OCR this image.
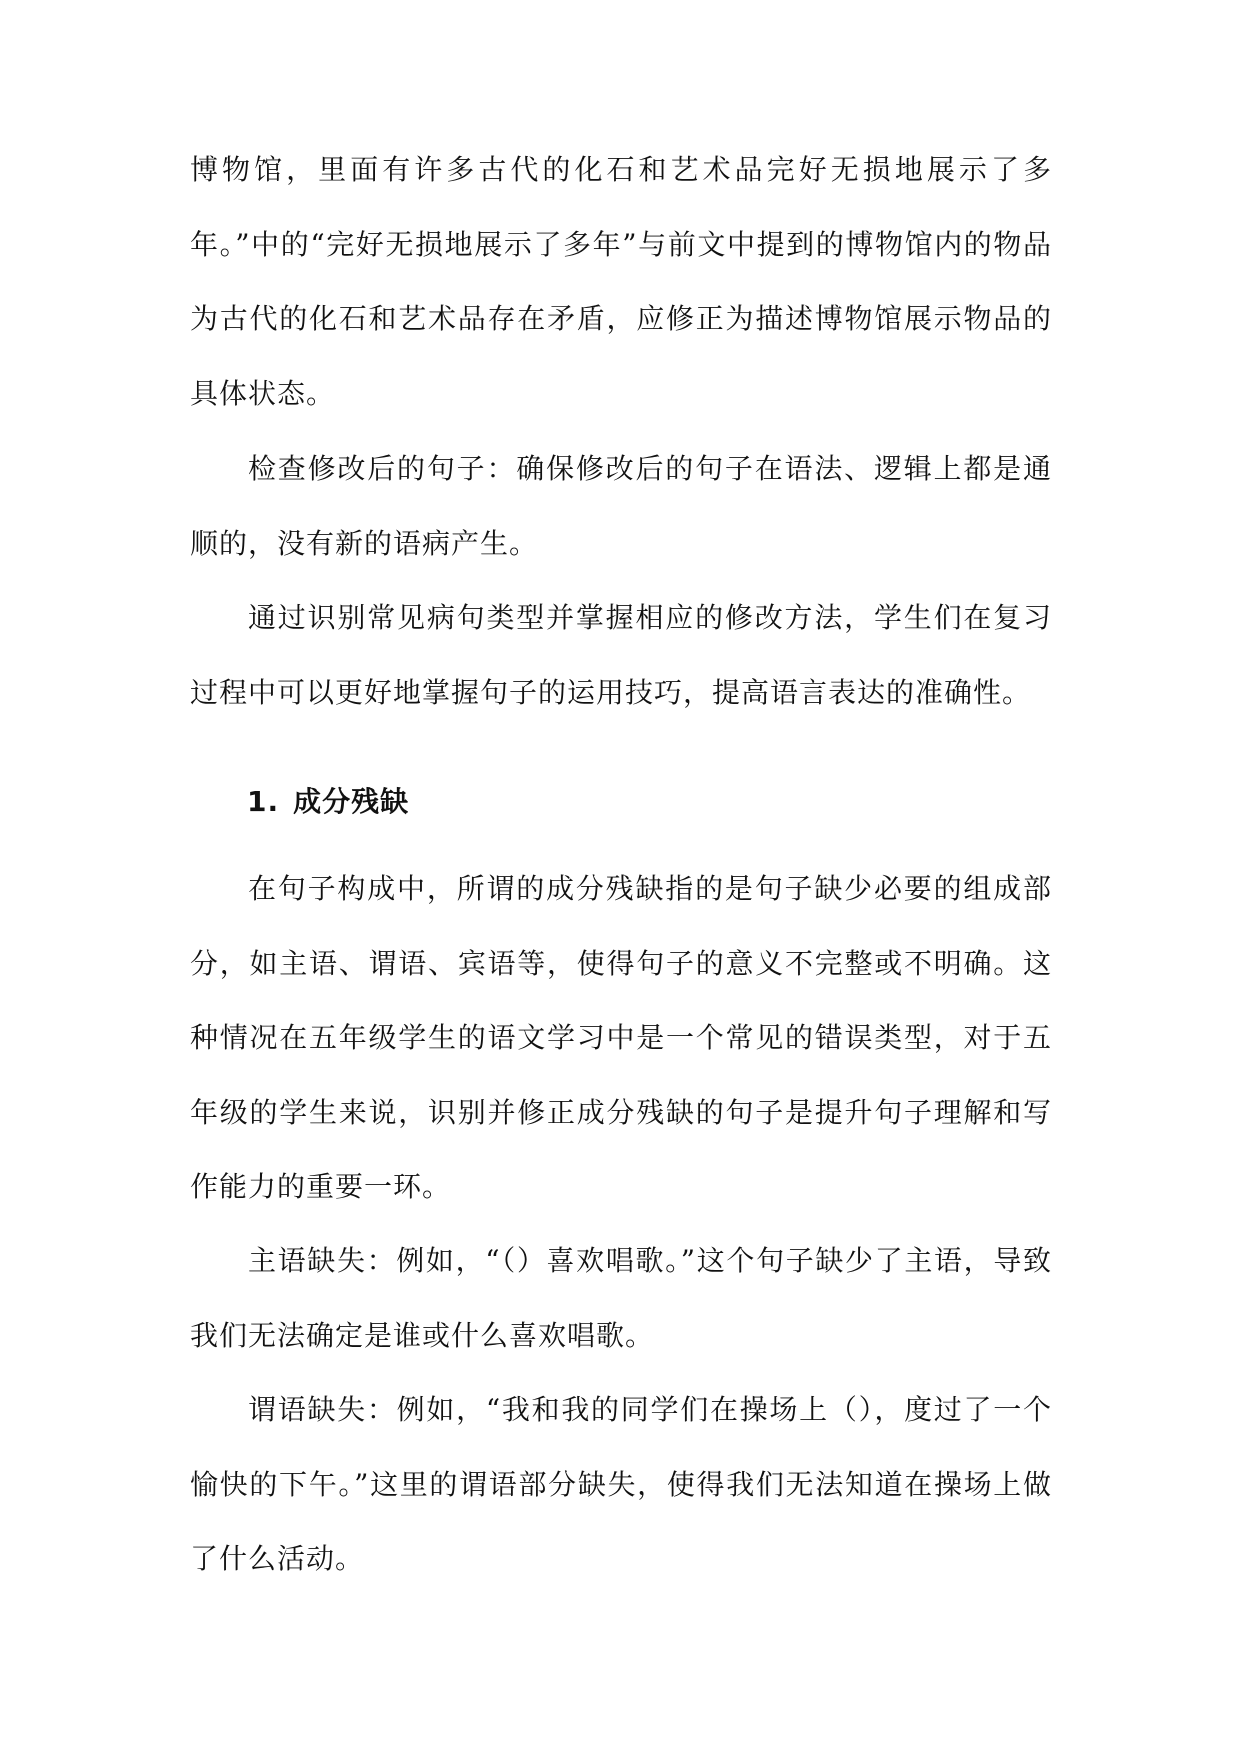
博物馆，里面有许多古代的化石和艺术品完好无损地展示了多年。”中的“完好无损地展示了多年”与前文中提到的博物馆内的物品为古代的化石和艺术品存在矛盾，应修正为描述博物馆展示物品的具体状态。

检查修改后的句子：确保修改后的句子在语法、逻辑上都是通顺的，没有新的语病产生。

通过识别常见病句类型并掌握相应的修改方法，学生们在复习过程中可以更好地掌握句子的运用技巧，提高语言表达的准确性。

1. 成分残缺

在句子构成中，所谓的成分残缺指的是句子缺少必要的组成部分，如主语、谓语、宾语等，使得句子的意义不完整或不明确。这种情况在五年级学生的语文学习中是一个常见的错误类型，对于五年级的学生来说，识别并修正成分残缺的句子是提升句子理解和写作能力的重要一环。

主语缺失：例如，“（）喜欢唱歌。”这个句子缺少了主语，导致我们无法确定是谁或什么喜欢唱歌。

谓语缺失：例如，“我和我的同学们在操场上（），度过了一个愉快的下午。”这里的谓语部分缺失，使得我们无法知道在操场上做了什么活动。
